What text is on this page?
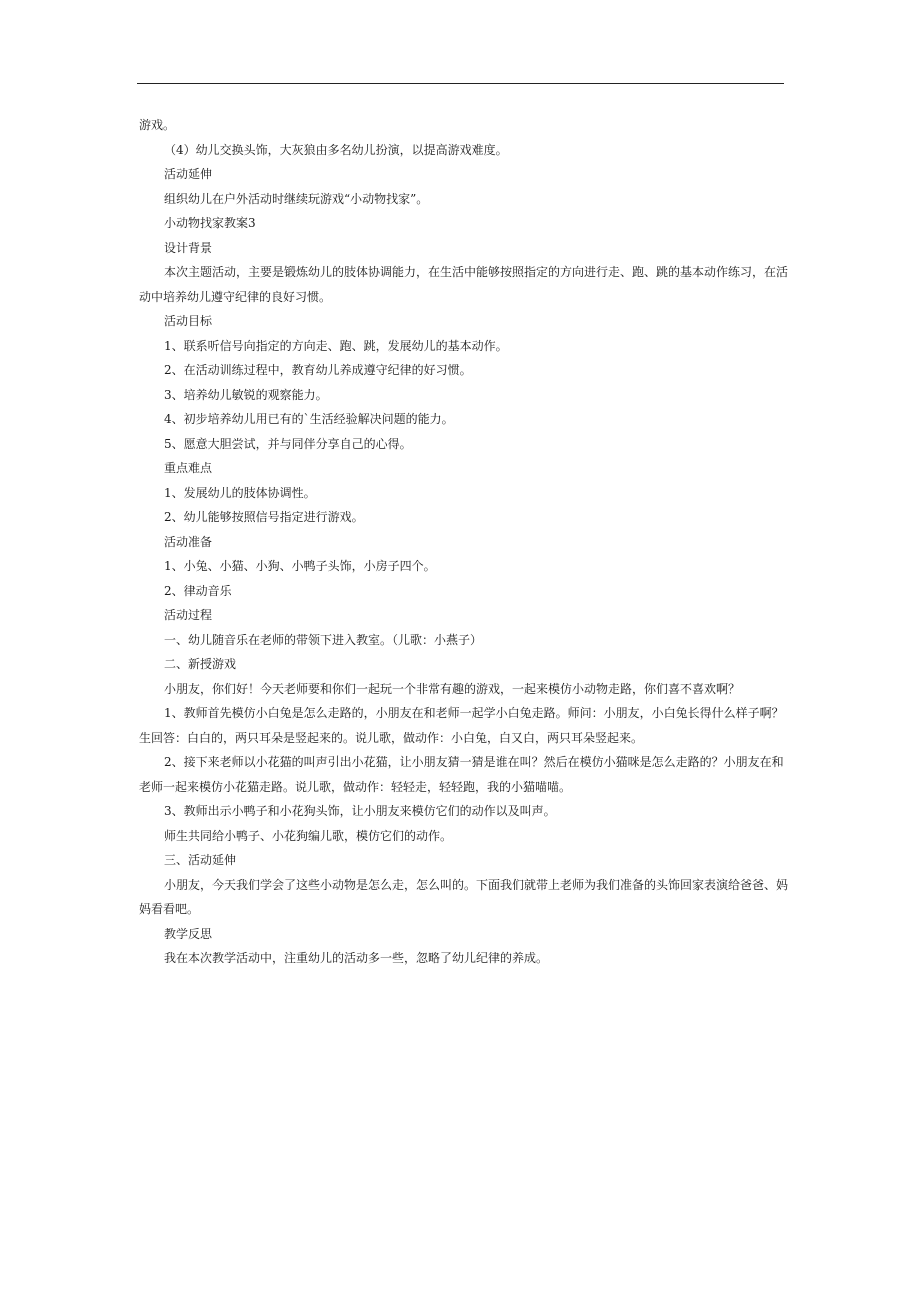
游戏。

（4）幼儿交换头饰，大灰狼由多名幼儿扮演，以提高游戏难度。

活动延伸

组织幼儿在户外活动时继续玩游戏“小动物找家”。

小动物找家教案3

设计背景

本次主题活动，主要是锻炼幼儿的肢体协调能力，在生活中能够按照指定的方向进行走、跑、跳的基本动作练习，在活动中培养幼儿遵守纪律的良好习惯。

活动目标

1、联系听信号向指定的方向走、跑、跳，发展幼儿的基本动作。

2、在活动训练过程中，教育幼儿养成遵守纪律的好习惯。

3、培养幼儿敏锐的观察能力。

4、初步培养幼儿用已有的`生活经验解决问题的能力。

5、愿意大胆尝试，并与同伴分享自己的心得。

重点难点

1、发展幼儿的肢体协调性。

2、幼儿能够按照信号指定进行游戏。

活动准备

1、小兔、小猫、小狗、小鸭子头饰，小房子四个。

2、律动音乐

活动过程

一、幼儿随音乐在老师的带领下进入教室。（儿歌：小燕子）

二、新授游戏

小朋友，你们好！今天老师要和你们一起玩一个非常有趣的游戏，一起来模仿小动物走路，你们喜不喜欢啊？

1、教师首先模仿小白兔是怎么走路的，小朋友在和老师一起学小白兔走路。师问：小朋友，小白兔长得什么样子啊？生回答：白白的，两只耳朵是竖起来的。说儿歌，做动作：小白兔，白又白，两只耳朵竖起来。

2、接下来老师以小花猫的叫声引出小花猫，让小朋友猜一猜是谁在叫？然后在模仿小猫咪是怎么走路的？小朋友在和老师一起来模仿小花猫走路。说儿歌，做动作：轻轻走，轻轻跑，我的小猫喵喵。

3、教师出示小鸭子和小花狗头饰，让小朋友来模仿它们的动作以及叫声。

师生共同给小鸭子、小花狗编儿歌，模仿它们的动作。

三、活动延伸

小朋友，今天我们学会了这些小动物是怎么走，怎么叫的。下面我们就带上老师为我们准备的头饰回家表演给爸爸、妈妈看看吧。

教学反思

我在本次教学活动中，注重幼儿的活动多一些，忽略了幼儿纪律的养成。
